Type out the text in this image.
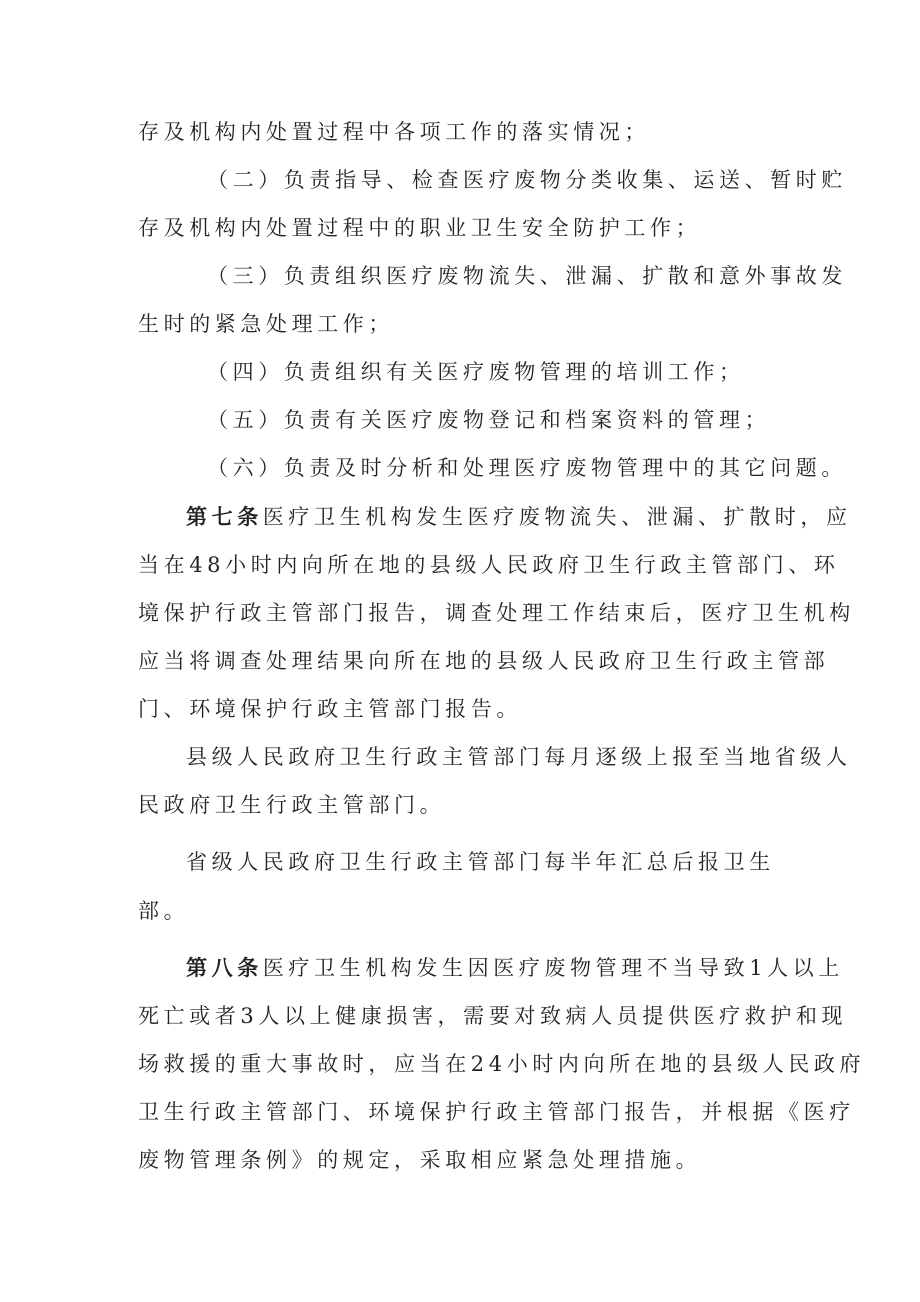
存及机构内处置过程中各项工作的落实情况；

（二）负责指导、检查医疗废物分类收集、运送、暂时贮

存及机构内处置过程中的职业卫生安全防护工作；

（三）负责组织医疗废物流失、泄漏、扩散和意外事故发

生时的紧急处理工作；

（四）负责组织有关医疗废物管理的培训工作；

（五）负责有关医疗废物登记和档案资料的管理；

（六）负责及时分析和处理医疗废物管理中的其它问题。

第七条医疗卫生机构发生医疗废物流失、泄漏、扩散时，应

当在48小时内向所在地的县级人民政府卫生行政主管部门、环

境保护行政主管部门报告，调查处理工作结束后，医疗卫生机构

应当将调查处理结果向所在地的县级人民政府卫生行政主管部

门、环境保护行政主管部门报告。

县级人民政府卫生行政主管部门每月逐级上报至当地省级人

民政府卫生行政主管部门。

省级人民政府卫生行政主管部门每半年汇总后报卫生

部。

第八条医疗卫生机构发生因医疗废物管理不当导致1人以上

死亡或者3人以上健康损害，需要对致病人员提供医疗救护和现

场救援的重大事故时，应当在24小时内向所在地的县级人民政府

卫生行政主管部门、环境保护行政主管部门报告，并根据《医疗

废物管理条例》的规定，采取相应紧急处理措施。
